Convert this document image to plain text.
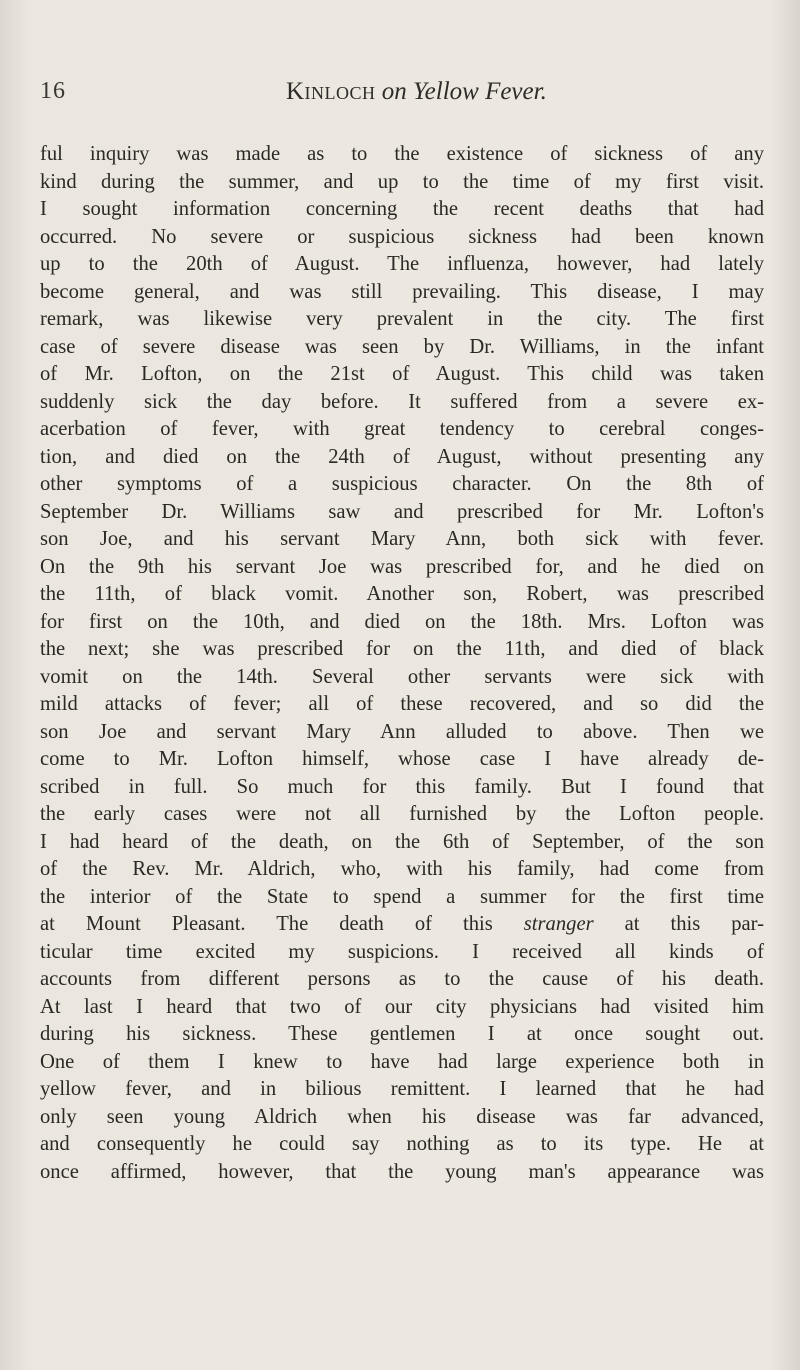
16	Kinloch on Yellow Fever.
ful inquiry was made as to the existence of sickness of any
kind during the summer, and up to the time of my first visit.
I sought information concerning the recent deaths that had
occurred. No severe or suspicious sickness had been known
up to the 20th of August. The influenza, however, had lately
become general, and was still prevailing. This disease, I may
remark, was likewise very prevalent in the city. The first
case of severe disease was seen by Dr. Williams, in the infant
of Mr. Lofton, on the 21st of August. This child was taken
suddenly sick the day before. It suffered from a severe ex-
acerbation of fever, with great tendency to cerebral conges-
tion, and died on the 24th of August, without presenting any
other symptoms of a suspicious character. On the 8th of
September Dr. Williams saw and prescribed for Mr. Lofton's
son Joe, and his servant Mary Ann, both sick with fever.
On the 9th his servant Joe was prescribed for, and he died on
the 11th, of black vomit. Another son, Robert, was prescribed
for first on the 10th, and died on the 18th. Mrs. Lofton was
the next; she was prescribed for on the 11th, and died of black
vomit on the 14th. Several other servants were sick with
mild attacks of fever; all of these recovered, and so did the
son Joe and servant Mary Ann alluded to above. Then we
come to Mr. Lofton himself, whose case I have already de-
scribed in full. So much for this family. But I found that
the early cases were not all furnished by the Lofton people.
I had heard of the death, on the 6th of September, of the son
of the Rev. Mr. Aldrich, who, with his family, had come from
the interior of the State to spend a summer for the first time
at Mount Pleasant. The death of this stranger at this par-
ticular time excited my suspicions. I received all kinds of
accounts from different persons as to the cause of his death.
At last I heard that two of our city physicians had visited him
during his sickness. These gentlemen I at once sought out.
One of them I knew to have had large experience both in
yellow fever, and in bilious remittent. I learned that he had
only seen young Aldrich when his disease was far advanced,
and consequently he could say nothing as to its type. He at
once affirmed, however, that the young man's appearance was
